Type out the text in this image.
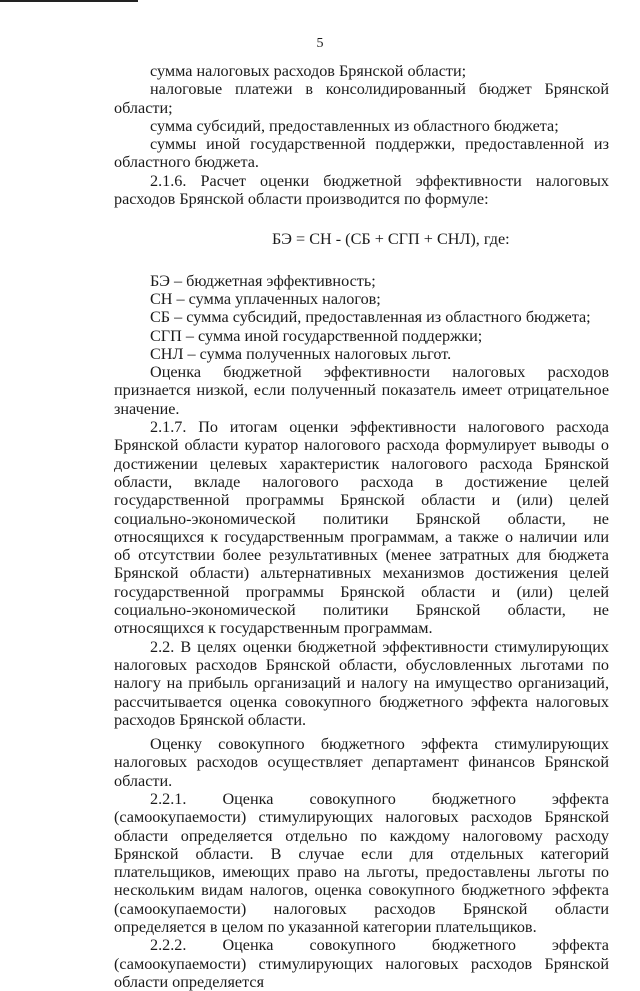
5

сумма налоговых расходов Брянской области;

налоговые платежи в консолидированный бюджет Брянской области;

сумма субсидий, предоставленных из областного бюджета;

суммы иной государственной поддержки, предоставленной из областного бюджета.

2.1.6. Расчет оценки бюджетной эффективности налоговых расходов Брянской области производится по формуле:

БЭ = СН - (СБ + СГП + СНЛ), где:

БЭ – бюджетная эффективность;

СН – сумма уплаченных налогов;

СБ – сумма субсидий, предоставленная из областного бюджета;

СГП – сумма иной государственной поддержки;

СНЛ – сумма полученных налоговых льгот.

Оценка бюджетной эффективности налоговых расходов признается низкой, если полученный показатель имеет отрицательное значение.

2.1.7. По итогам оценки эффективности налогового расхода Брянской области куратор налогового расхода формулирует выводы о достижении целевых характеристик налогового расхода Брянской области, вкладе налогового расхода в достижение целей государственной программы Брянской области и (или) целей социально-экономической политики Брянской области, не относящихся к государственным программам, а также о наличии или об отсутствии более результативных (менее затратных для бюджета Брянской области) альтернативных механизмов достижения целей государственной программы Брянской области и (или) целей социально-экономической политики Брянской области, не относящихся к государственным программам.

2.2. В целях оценки бюджетной эффективности стимулирующих налоговых расходов Брянской области, обусловленных льготами по налогу на прибыль организаций и налогу на имущество организаций, рассчитывается оценка совокупного бюджетного эффекта налоговых расходов Брянской области.

Оценку совокупного бюджетного эффекта стимулирующих налоговых расходов осуществляет департамент финансов Брянской области.

2.2.1. Оценка совокупного бюджетного эффекта (самоокупаемости) стимулирующих налоговых расходов Брянской области определяется отдельно по каждому налоговому расходу Брянской области. В случае если для отдельных категорий плательщиков, имеющих право на льготы, предоставлены льготы по нескольким видам налогов, оценка совокупного бюджетного эффекта (самоокупаемости) налоговых расходов Брянской области определяется в целом по указанной категории плательщиков.

2.2.2. Оценка совокупного бюджетного эффекта (самоокупаемости) стимулирующих налоговых расходов Брянской области определяется
